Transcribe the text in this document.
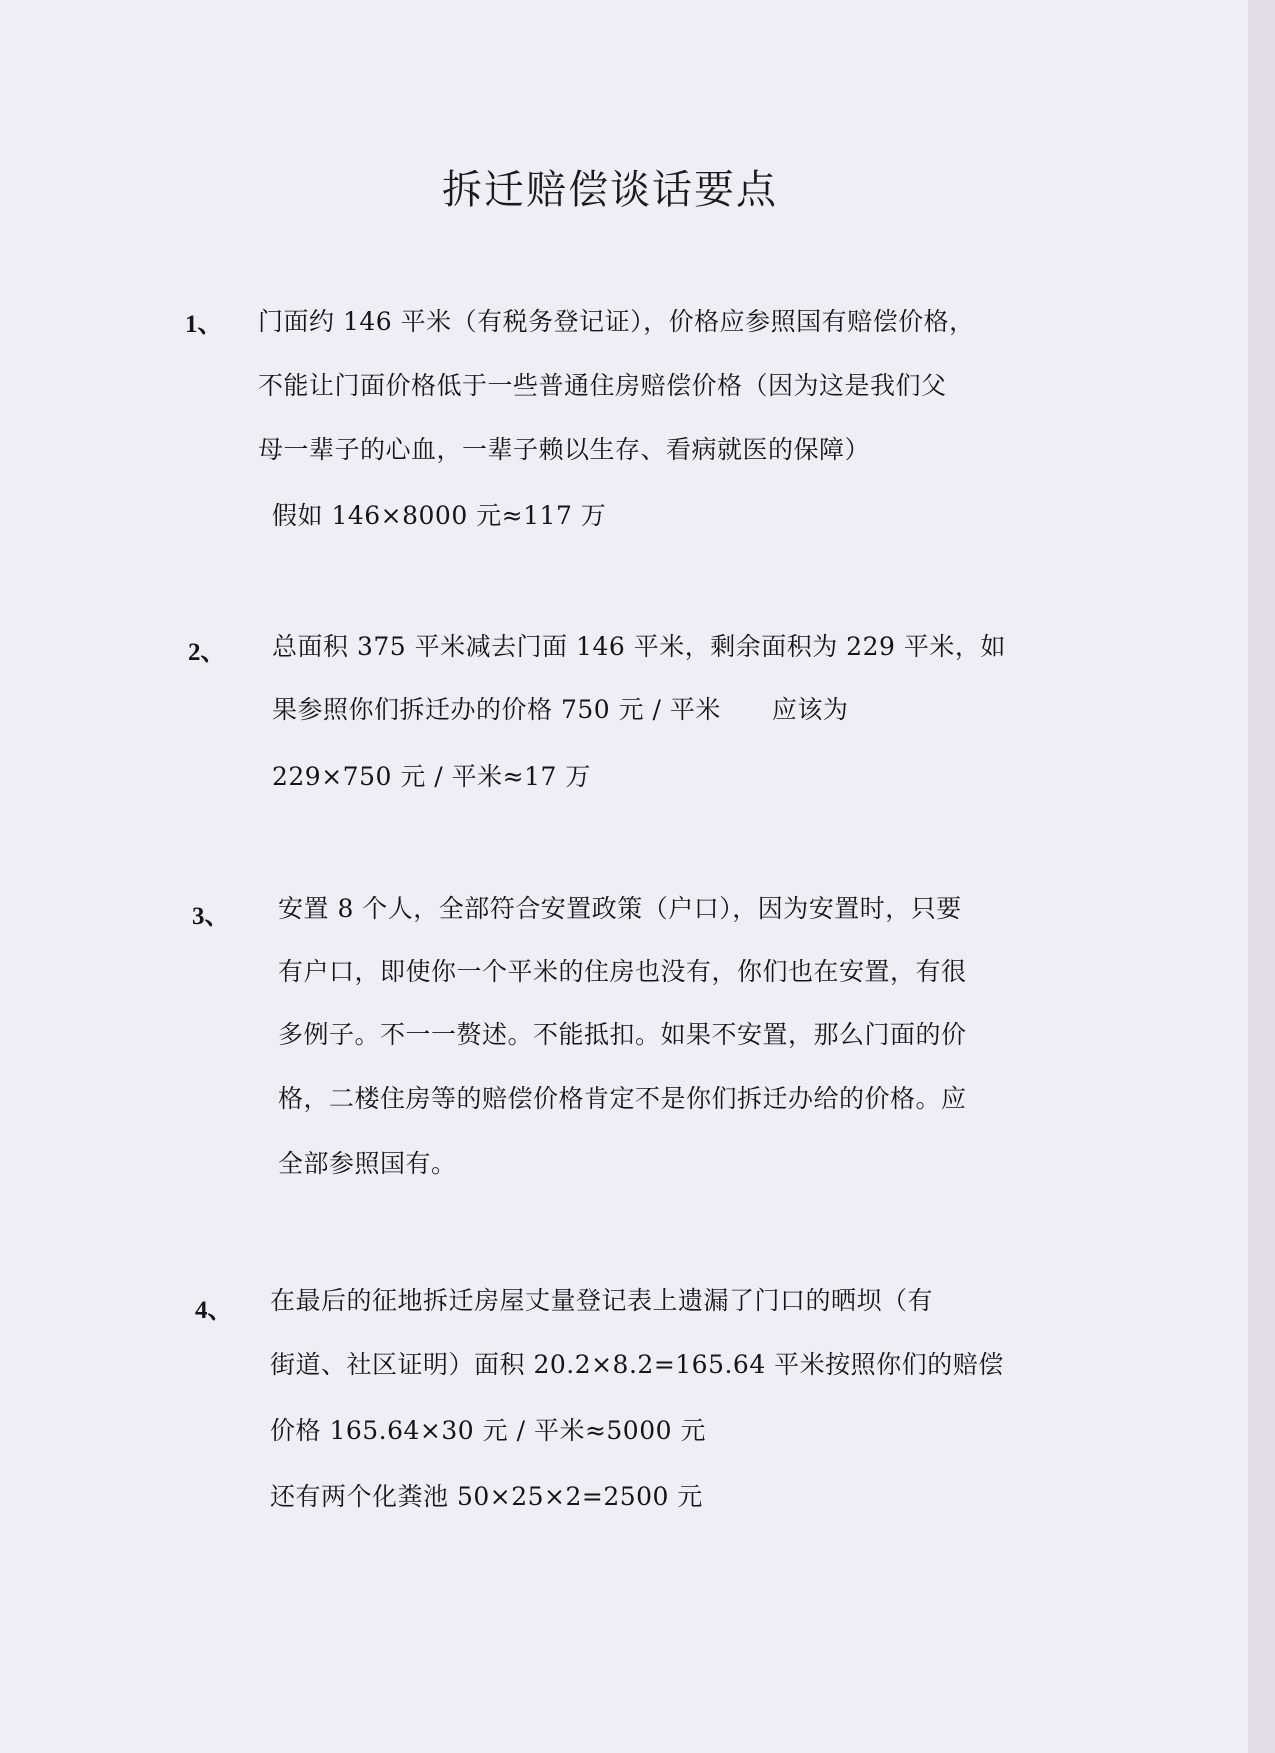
拆迁赔偿谈话要点
1、 门面约 146 平米（有税务登记证），价格应参照国有赔偿价格，
不能让门面价格低于一些普通住房赔偿价格（因为这是我们父
母一辈子的心血，一辈子赖以生存、看病就医的保障）
假如 146×8000 元≈117 万
2、 总面积 375 平米减去门面 146 平米，剩余面积为 229 平米，如
果参照你们拆迁办的价格 750 元 / 平米　　应该为
229×750 元 / 平米≈17 万
3、 安置 8 个人，全部符合安置政策（户口），因为安置时，只要
有户口，即使你一个平米的住房也没有，你们也在安置，有很
多例子。不一一赘述。不能抵扣。如果不安置，那么门面的价
格，二楼住房等的赔偿价格肯定不是你们拆迁办给的价格。应
全部参照国有。
4、 在最后的征地拆迁房屋丈量登记表上遗漏了门口的晒坝（有
街道、社区证明）面积 20.2×8.2=165.64 平米按照你们的赔偿
价格 165.64×30 元 / 平米≈5000 元
还有两个化粪池 50×25×2=2500 元
